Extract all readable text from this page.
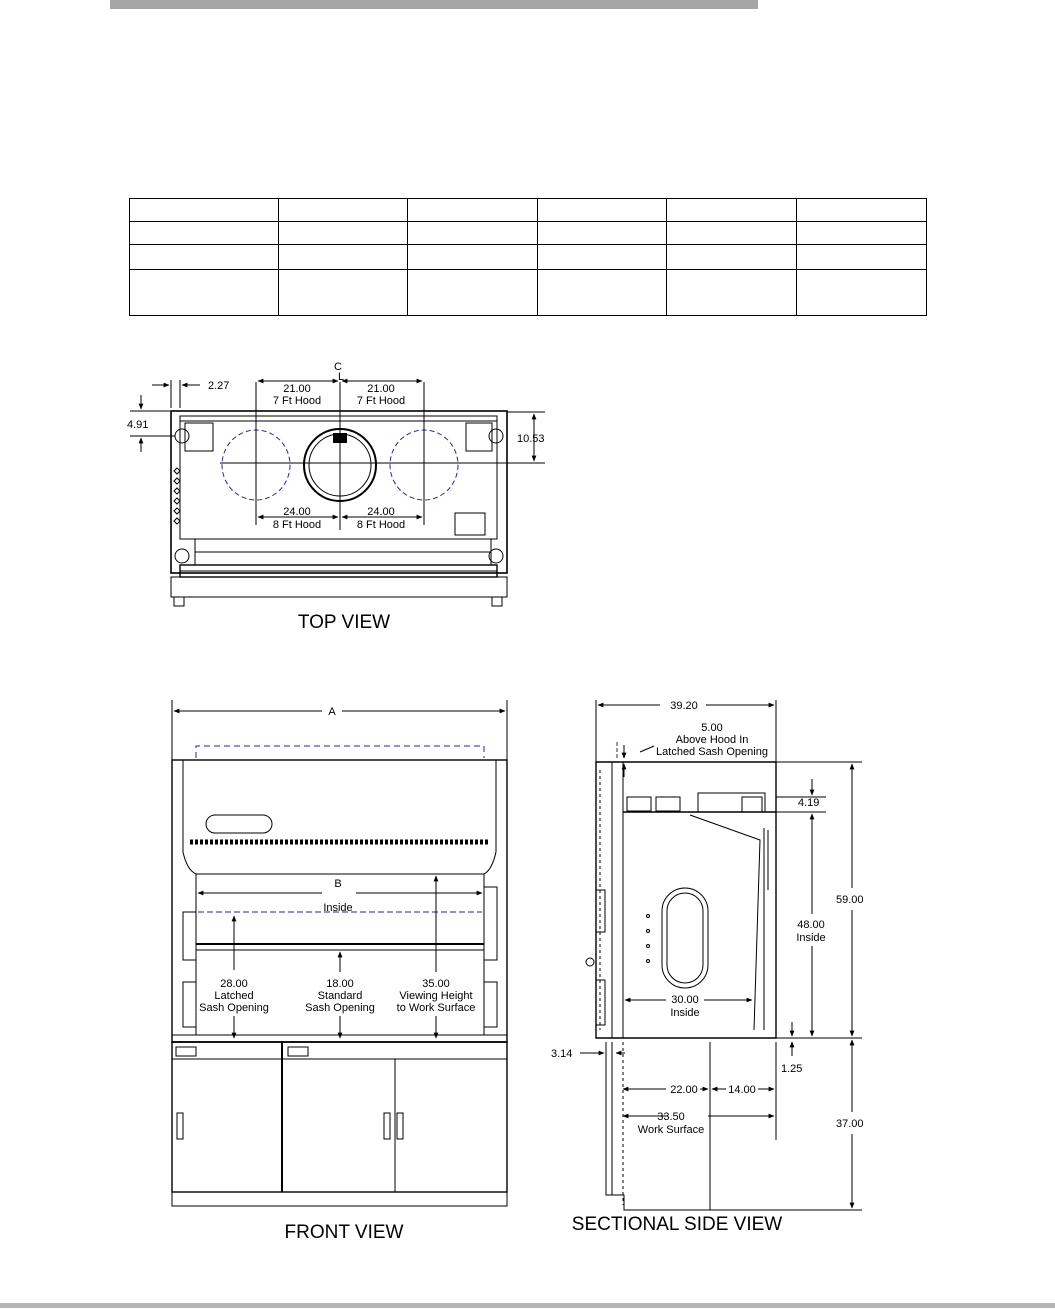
C
L
2.27
4.91
10.53
21.00
7 Ft Hood
21.00
7 Ft Hood
24.00
8 Ft Hood
24.00
8 Ft Hood
TOP VIEW
A
B
Inside
28.00
Latched
Sash Opening
18.00
Standard
Sash Opening
35.00
Viewing Height
to Work Surface
FRONT VIEW
39.20
5.00
Above Hood In
Latched Sash Opening
4.19
59.00
48.00
Inside
30.00
Inside
3.14
1.25
22.00	14.00
33.50
Work Surface	37.00
SECTIONAL SIDE VIEW
